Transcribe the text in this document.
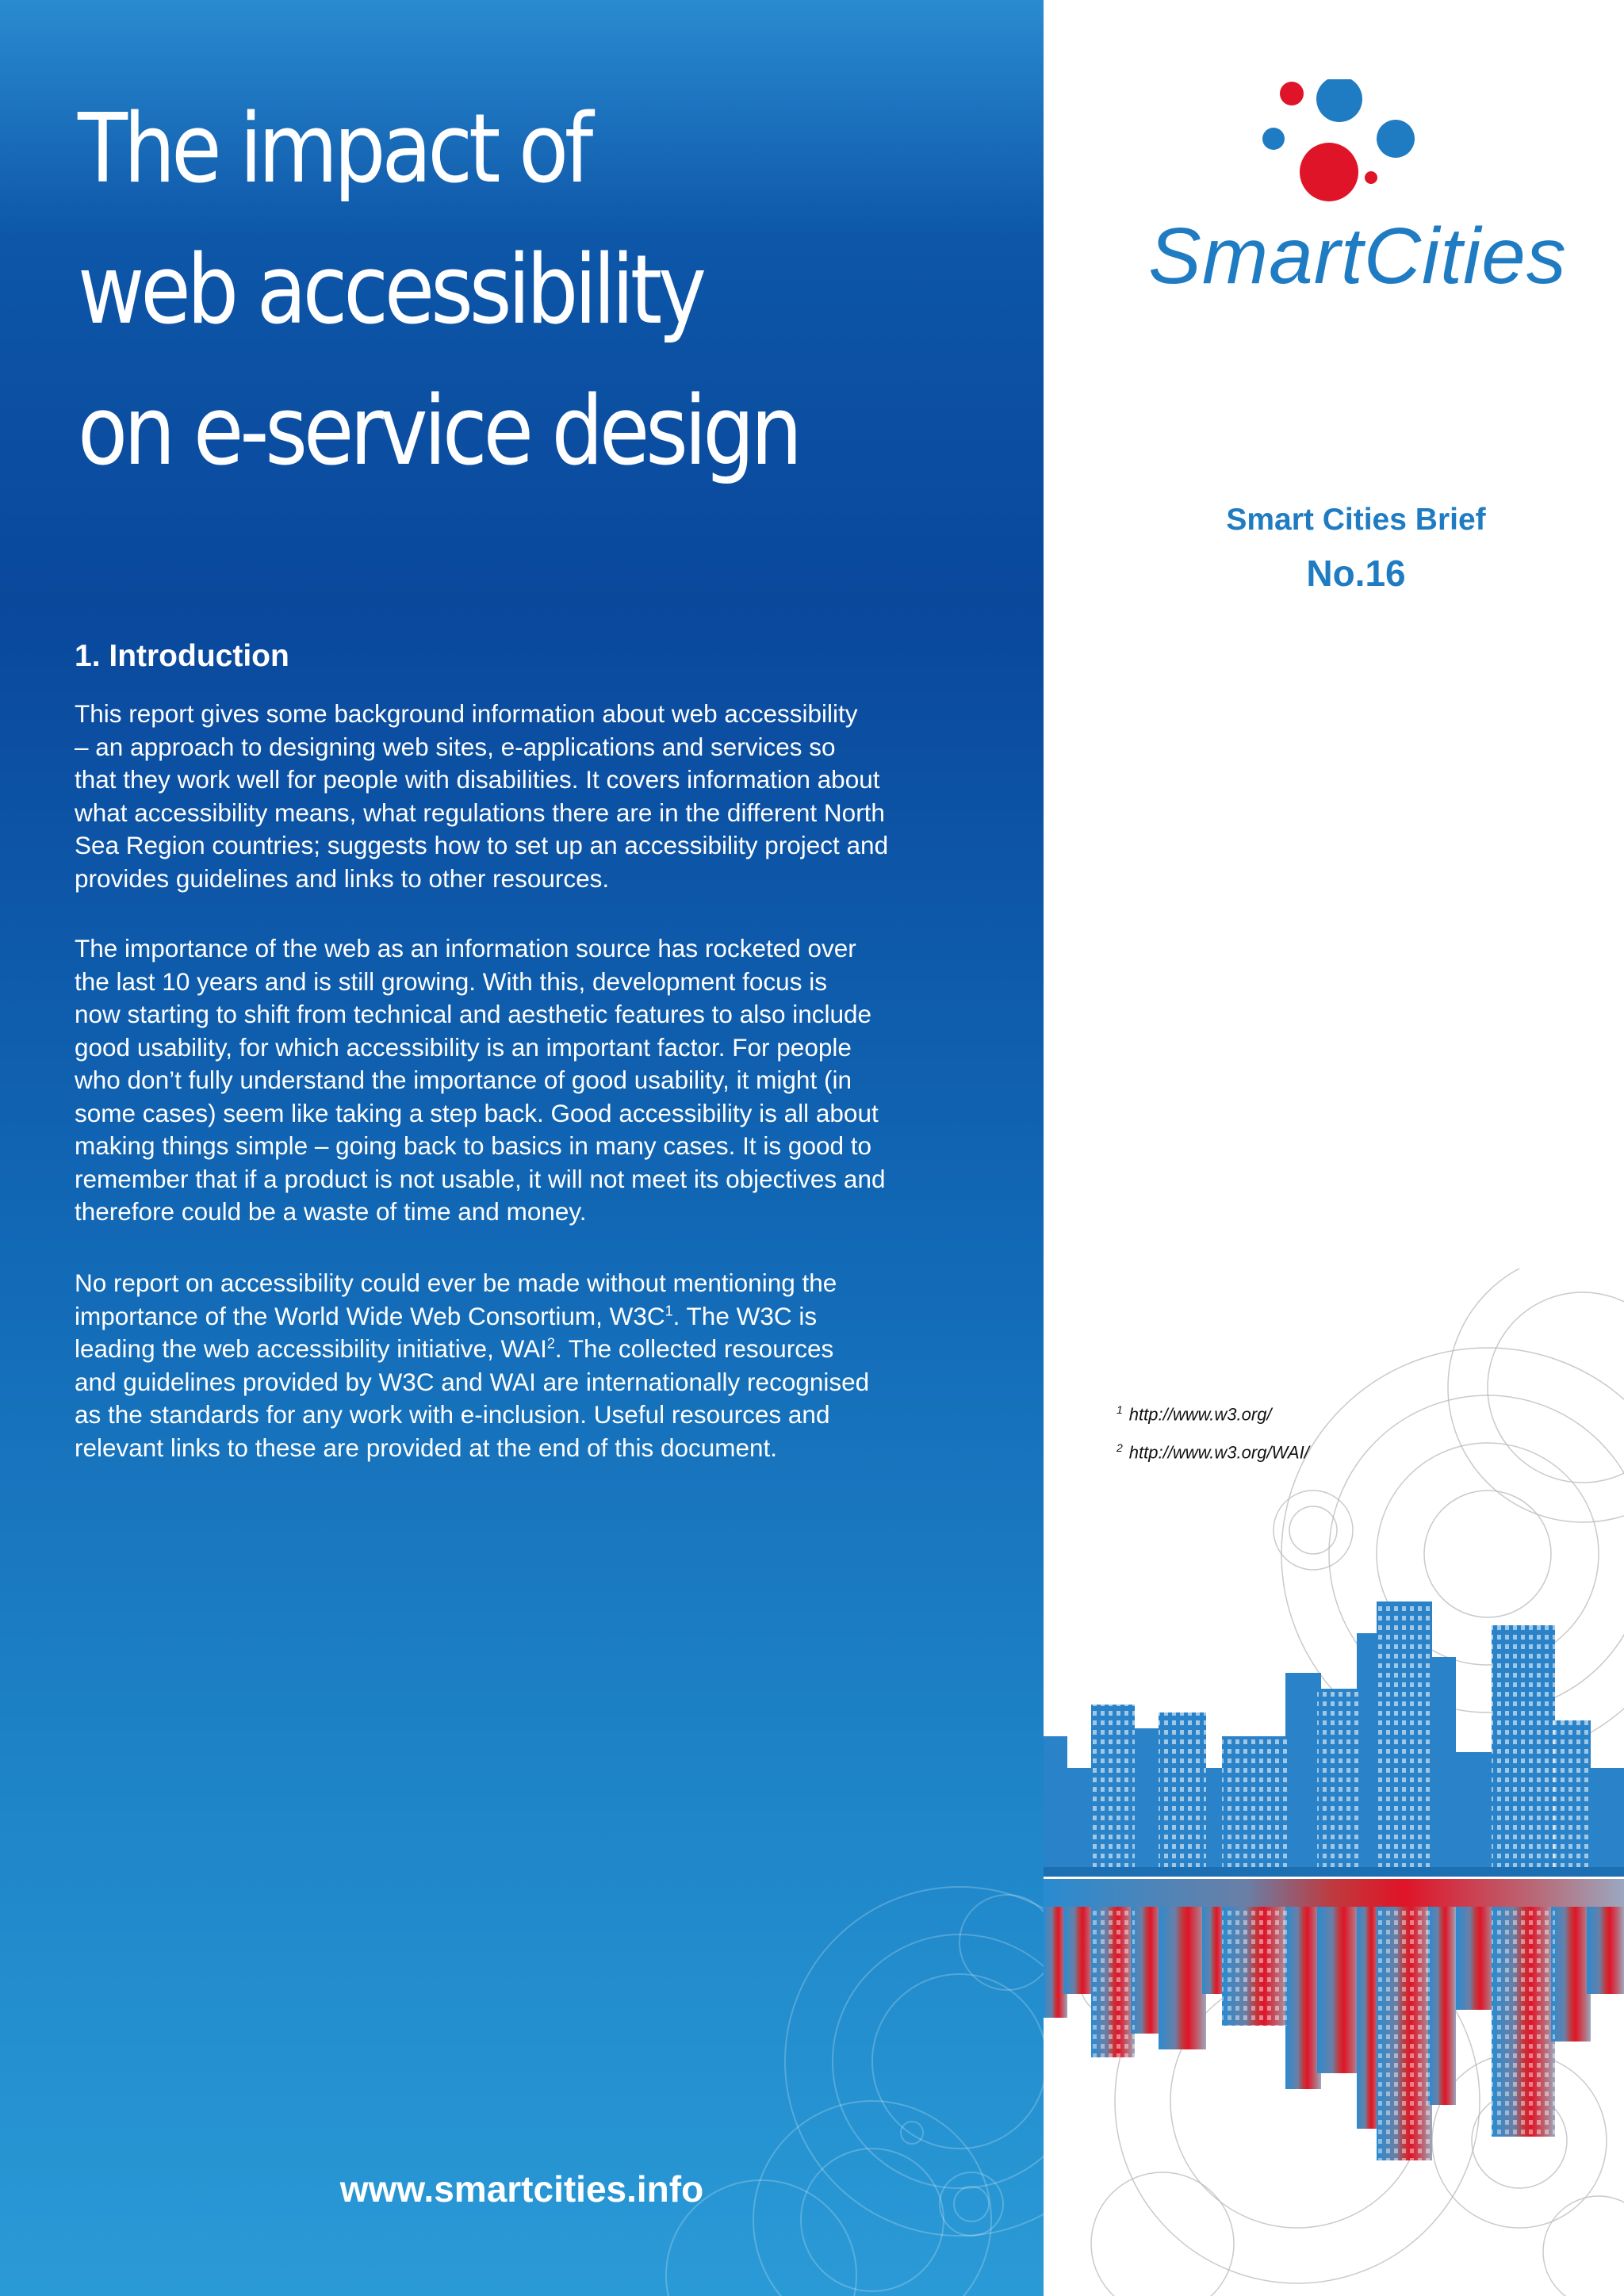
The impact of
web accessibility
on e-service design
1. Introduction

This report gives some background information about web accessibility
– an approach to designing web sites, e-applications and services so
that they work well for people with disabilities. It covers information about
what accessibility means, what regulations there are in the different North
Sea Region countries; suggests how to set up an accessibility project and
provides guidelines and links to other resources.

The importance of the web as an information source has rocketed over
the last 10 years and is still growing. With this, development focus is
now starting to shift from technical and aesthetic features to also include
good usability, for which accessibility is an important factor. For people
who don’t fully understand the importance of good usability, it might (in
some cases) seem like taking a step back. Good accessibility is all about
making things simple – going back to basics in many cases. It is good to
remember that if a product is not usable, it will not meet its objectives and
therefore could be a waste of time and money.

No report on accessibility could ever be made without mentioning the
importance of the World Wide Web Consortium, $W3C^1$. The W3C is
leading the web accessibility initiative, WAI$^2$. The collected resources
and guidelines provided by W3C and WAI are internationally recognised
as the standards for any work with e-inclusion. Useful resources and
relevant links to these are provided at the end of this document.

www.smartcities.info
SmartCities
Smart Cities Brief
No.16
$^1$ http://www.w3.org/
$^2$ http://www.w3.org/WAI/
